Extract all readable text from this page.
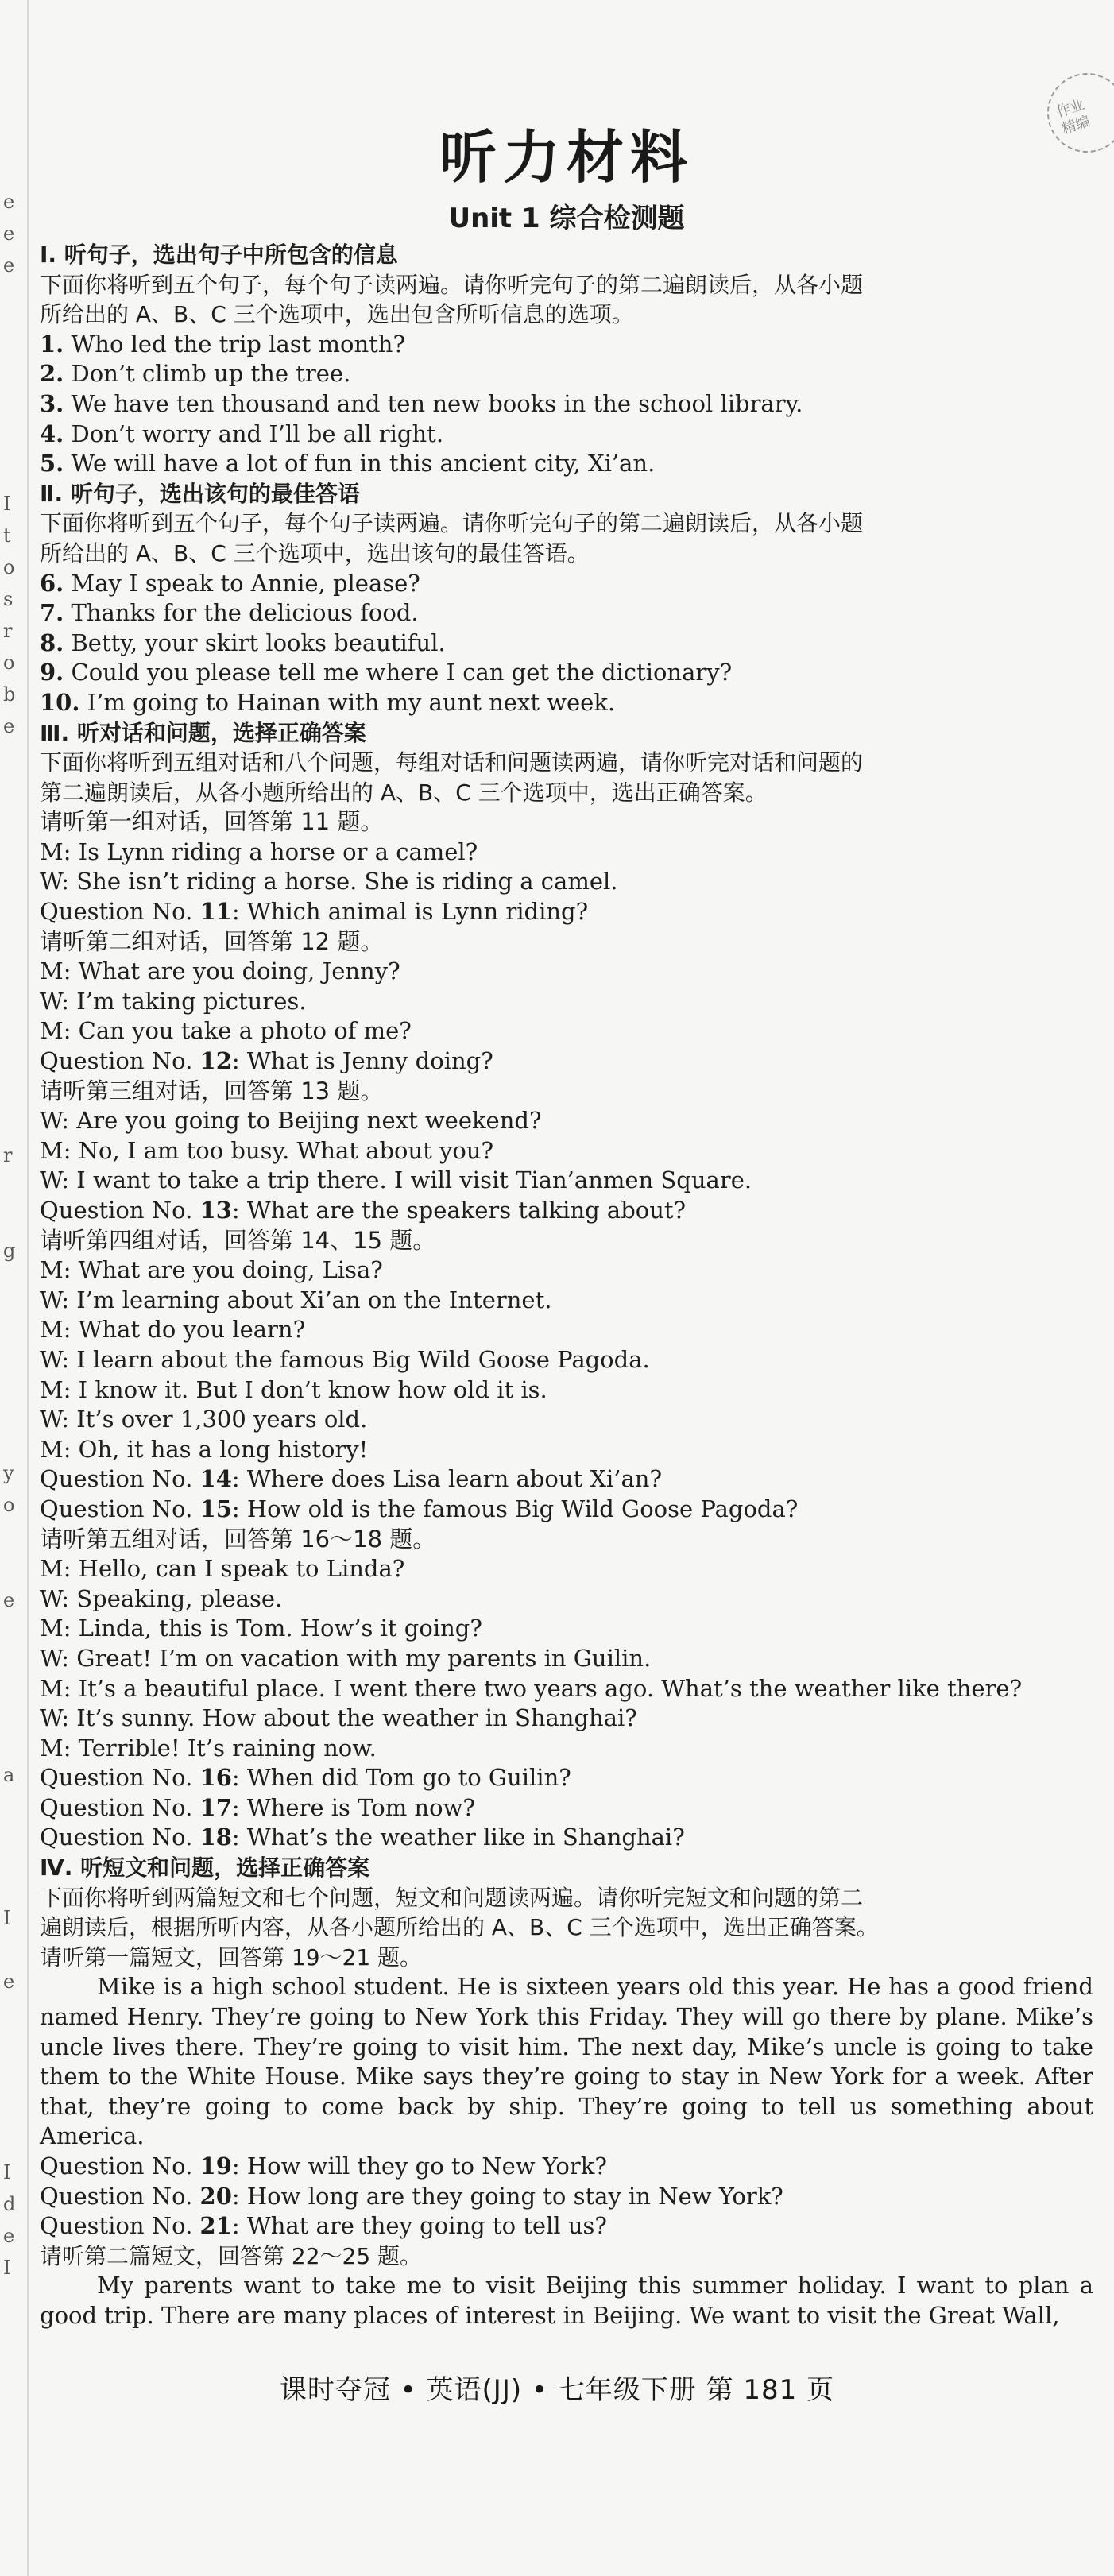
e
e
e
I
t
o
s
r
o
b
e
r
g
y
o
e
a
I
e
I
d
e
I
作业
精编
听力材料
Unit 1 综合检测题
Ⅰ. 听句子，选出句子中所包含的信息
下面你将听到五个句子，每个句子读两遍。请你听完句子的第二遍朗读后，从各小题
所给出的 A、B、C 三个选项中，选出包含所听信息的选项。
1. Who led the trip last month?
2. Don’t climb up the tree.
3. We have ten thousand and ten new books in the school library.
4. Don’t worry and I’ll be all right.
5. We will have a lot of fun in this ancient city, Xi’an.
Ⅱ. 听句子，选出该句的最佳答语
下面你将听到五个句子，每个句子读两遍。请你听完句子的第二遍朗读后，从各小题
所给出的 A、B、C 三个选项中，选出该句的最佳答语。
6. May I speak to Annie, please?
7. Thanks for the delicious food.
8. Betty, your skirt looks beautiful.
9. Could you please tell me where I can get the dictionary?
10. I’m going to Hainan with my aunt next week.
Ⅲ. 听对话和问题，选择正确答案
下面你将听到五组对话和八个问题，每组对话和问题读两遍，请你听完对话和问题的
第二遍朗读后，从各小题所给出的 A、B、C 三个选项中，选出正确答案。
请听第一组对话，回答第 11 题。
M: Is Lynn riding a horse or a camel?
W: She isn’t riding a horse. She is riding a camel.
Question No. 11: Which animal is Lynn riding?
请听第二组对话，回答第 12 题。
M: What are you doing, Jenny?
W: I’m taking pictures.
M: Can you take a photo of me?
Question No. 12: What is Jenny doing?
请听第三组对话，回答第 13 题。
W: Are you going to Beijing next weekend?
M: No, I am too busy. What about you?
W: I want to take a trip there. I will visit Tian’anmen Square.
Question No. 13: What are the speakers talking about?
请听第四组对话，回答第 14、15 题。
M: What are you doing, Lisa?
W: I’m learning about Xi’an on the Internet.
M: What do you learn?
W: I learn about the famous Big Wild Goose Pagoda.
M: I know it. But I don’t know how old it is.
W: It’s over 1,300 years old.
M: Oh, it has a long history!
Question No. 14: Where does Lisa learn about Xi’an?
Question No. 15: How old is the famous Big Wild Goose Pagoda?
请听第五组对话，回答第 16～18 题。
M: Hello, can I speak to Linda?
W: Speaking, please.
M: Linda, this is Tom. How’s it going?
W: Great! I’m on vacation with my parents in Guilin.
M: It’s a beautiful place. I went there two years ago. What’s the weather like there?
W: It’s sunny. How about the weather in Shanghai?
M: Terrible! It’s raining now.
Question No. 16: When did Tom go to Guilin?
Question No. 17: Where is Tom now?
Question No. 18: What’s the weather like in Shanghai?
Ⅳ. 听短文和问题，选择正确答案
下面你将听到两篇短文和七个问题，短文和问题读两遍。请你听完短文和问题的第二
遍朗读后，根据所听内容，从各小题所给出的 A、B、C 三个选项中，选出正确答案。
请听第一篇短文，回答第 19～21 题。

Mike is a high school student. He is sixteen years old this year. He has a good friend named Henry. They’re going to New York this Friday. They will go there by plane. Mike’s uncle lives there. They’re going to visit him. The next day, Mike’s uncle is going to take them to the White House. Mike says they’re going to stay in New York for a week. After that, they’re going to come back by ship. They’re going to tell us something about America.

Question No. 19: How will they go to New York?
Question No. 20: How long are they going to stay in New York?
Question No. 21: What are they going to tell us?
请听第二篇短文，回答第 22～25 题。

My parents want to take me to visit Beijing this summer holiday. I want to plan a good trip. There are many places of interest in Beijing. We want to visit the Great Wall,

课时夺冠 • 英语(JJ) • 七年级下册 第 181 页
